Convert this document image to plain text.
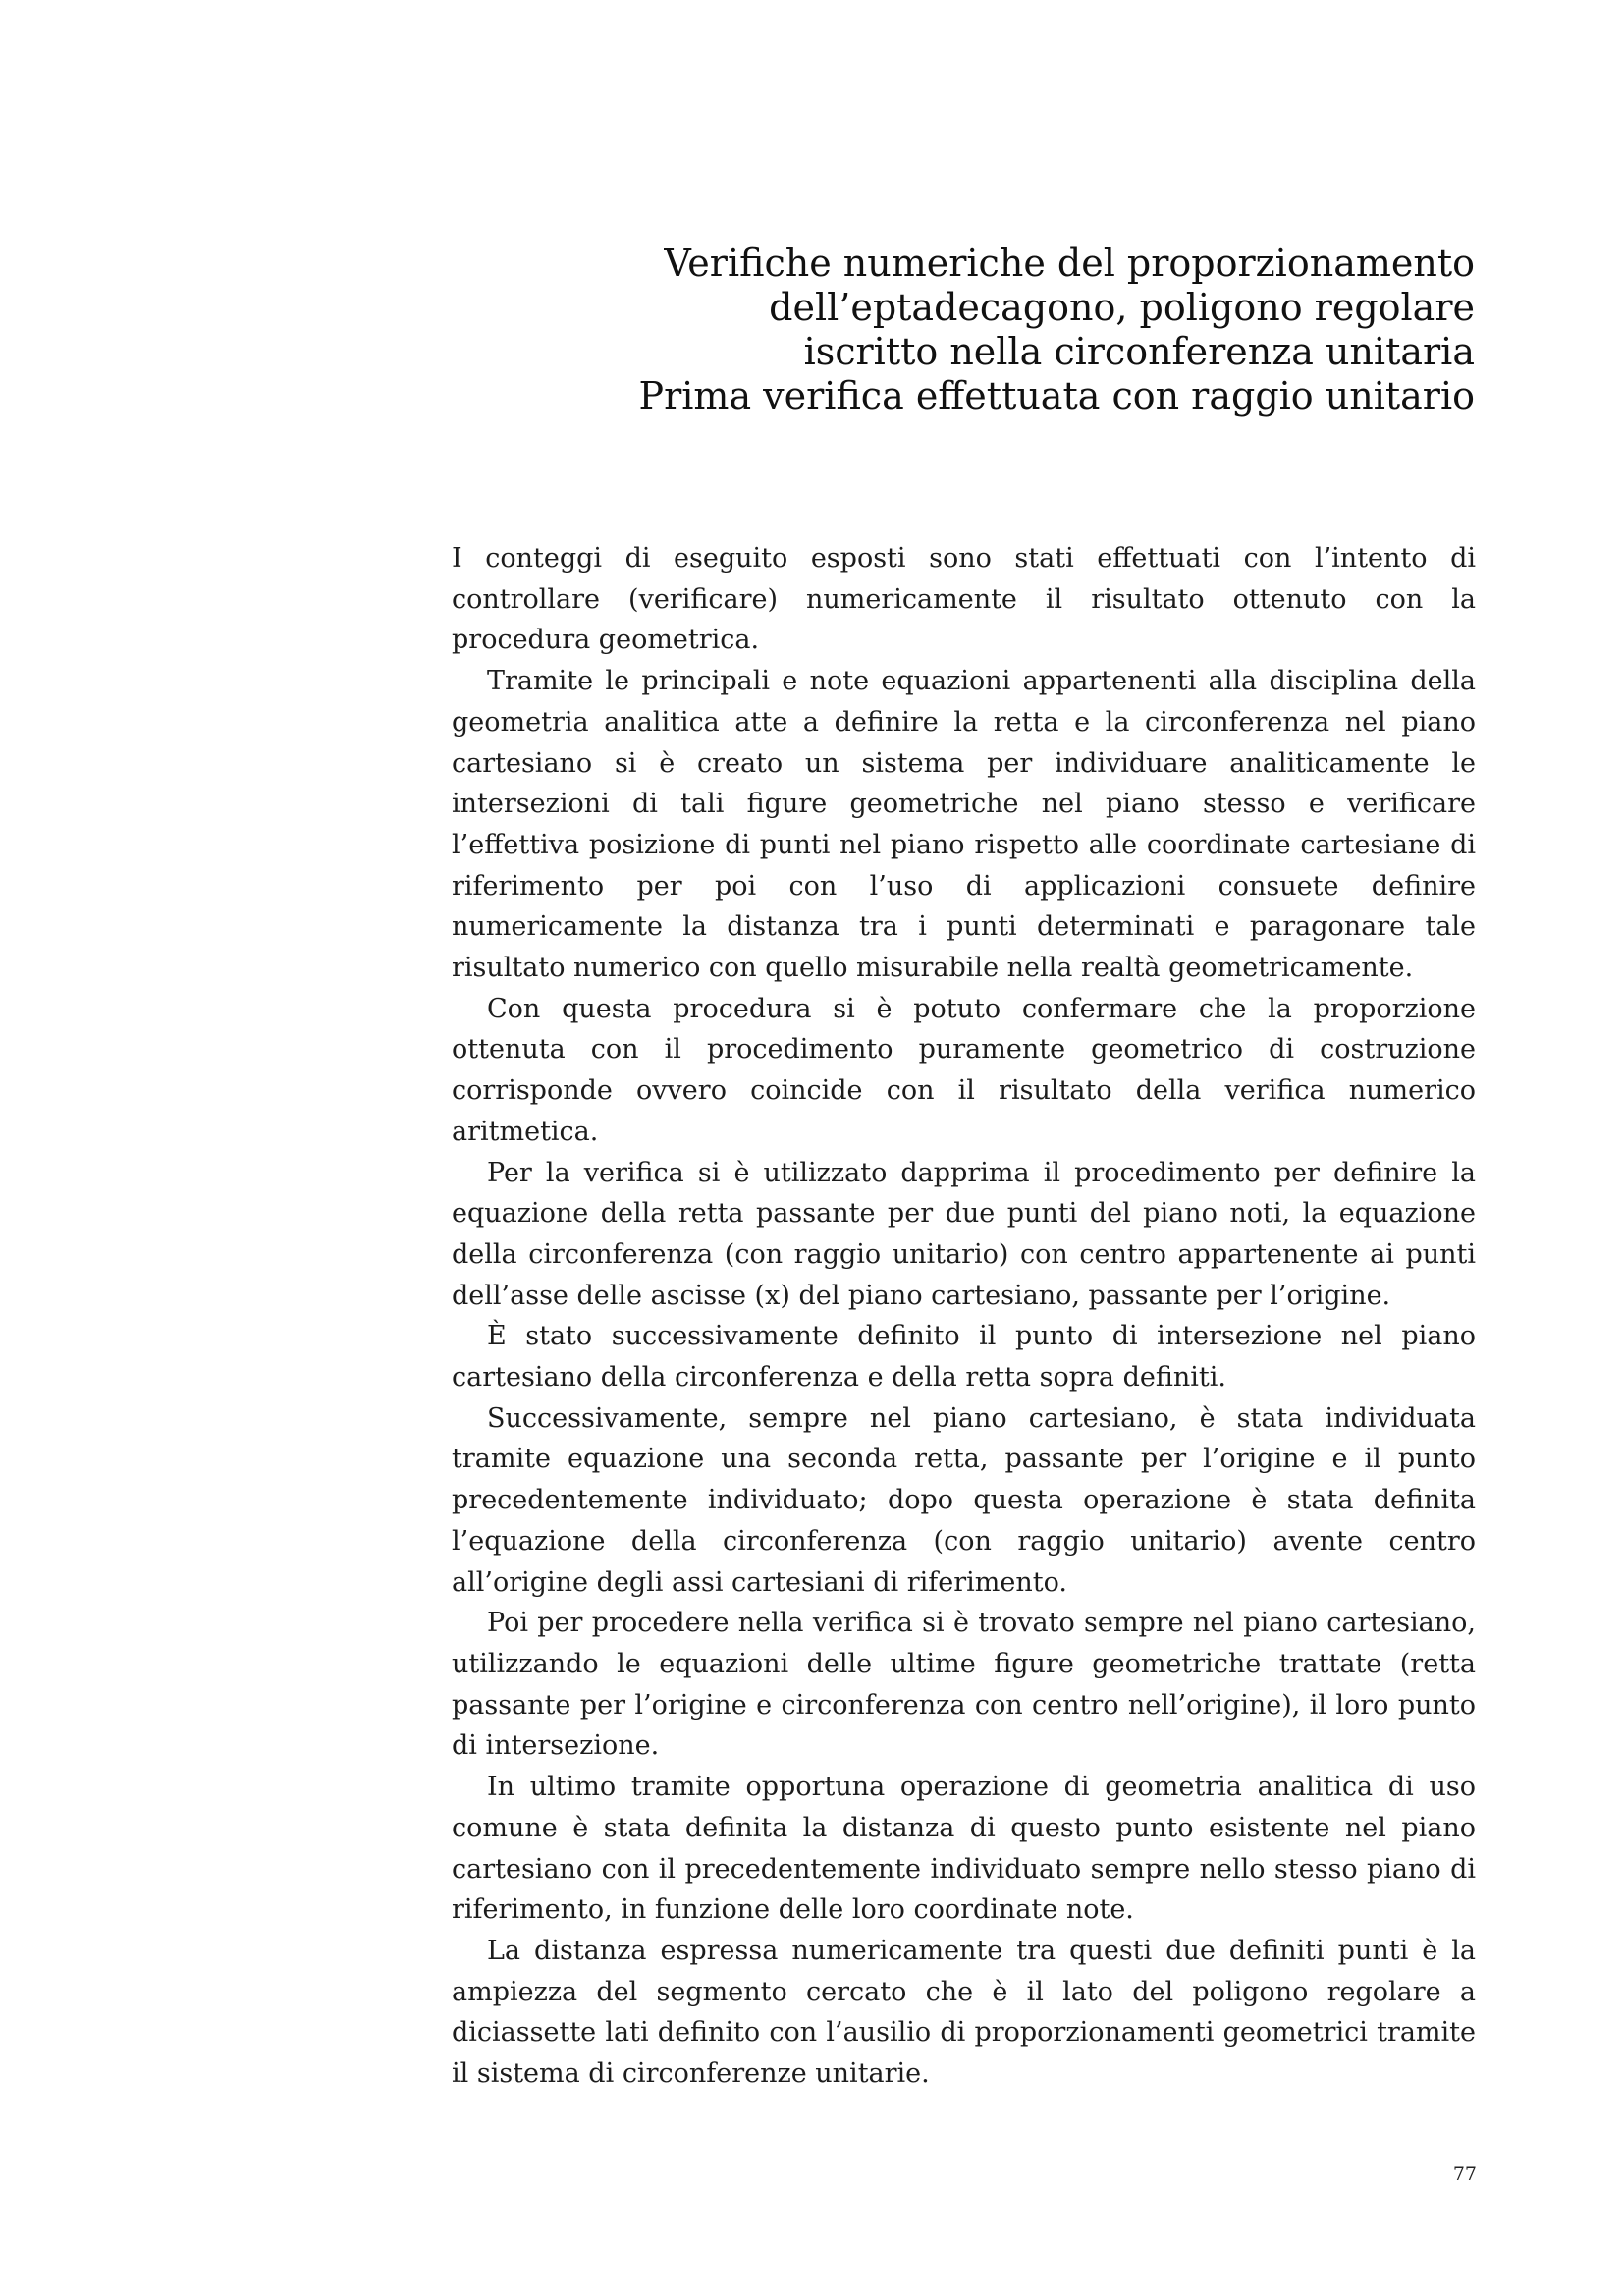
Verifiche numeriche del proporzionamento
dell’eptadecagono, poligono regolare
iscritto nella circonferenza unitaria
Prima verifica effettuata con raggio unitario

I conteggi di eseguito esposti sono stati effettuati con l’intento di controllare (verificare) numericamente il risultato ottenuto con la procedura geometrica.

Tramite le principali e note equazioni appartenenti alla disciplina della geometria analitica atte a definire la retta e la circonferenza nel piano cartesiano si è creato un sistema per individuare analiticamente le intersezioni di tali figure geometriche nel piano stesso e verificare l’effettiva posizione di punti nel piano rispetto alle coordinate cartesiane di riferimento per poi con l’uso di applicazioni consuete definire numericamente la distanza tra i punti determinati e paragonare tale risultato numerico con quello misurabile nella realtà geometricamente.

Con questa procedura si è potuto confermare che la proporzione ottenuta con il procedimento puramente geometrico di costruzione corrisponde ovvero coincide con il risultato della verifica numerico aritmetica.

Per la verifica si è utilizzato dapprima il procedimento per definire la equazione della retta passante per due punti del piano noti, la equazione della circonferenza (con raggio unitario) con centro appartenente ai punti dell’asse delle ascisse (x) del piano cartesiano, passante per l’origine.

È stato successivamente definito il punto di intersezione nel piano cartesiano della circonferenza e della retta sopra definiti.

Successivamente, sempre nel piano cartesiano, è stata individuata tramite equazione una seconda retta, passante per l’origine e il punto precedentemente individuato; dopo questa operazione è stata definita l’equazione della circonferenza (con raggio unitario) avente centro all’origine degli assi cartesiani di riferimento.

Poi per procedere nella verifica si è trovato sempre nel piano cartesiano, utilizzando le equazioni delle ultime figure geometriche trattate (retta passante per l’origine e circonferenza con centro nell’origine), il loro punto di intersezione.

In ultimo tramite opportuna operazione di geometria analitica di uso comune è stata definita la distanza di questo punto esistente nel piano cartesiano con il precedentemente individuato sempre nello stesso piano di riferimento, in funzione delle loro coordinate note.

La distanza espressa numericamente tra questi due definiti punti è la ampiezza del segmento cercato che è il lato del poligono regolare a diciassette lati definito con l’ausilio di proporzionamenti geometrici tramite il sistema di circonferenze unitarie.

77
